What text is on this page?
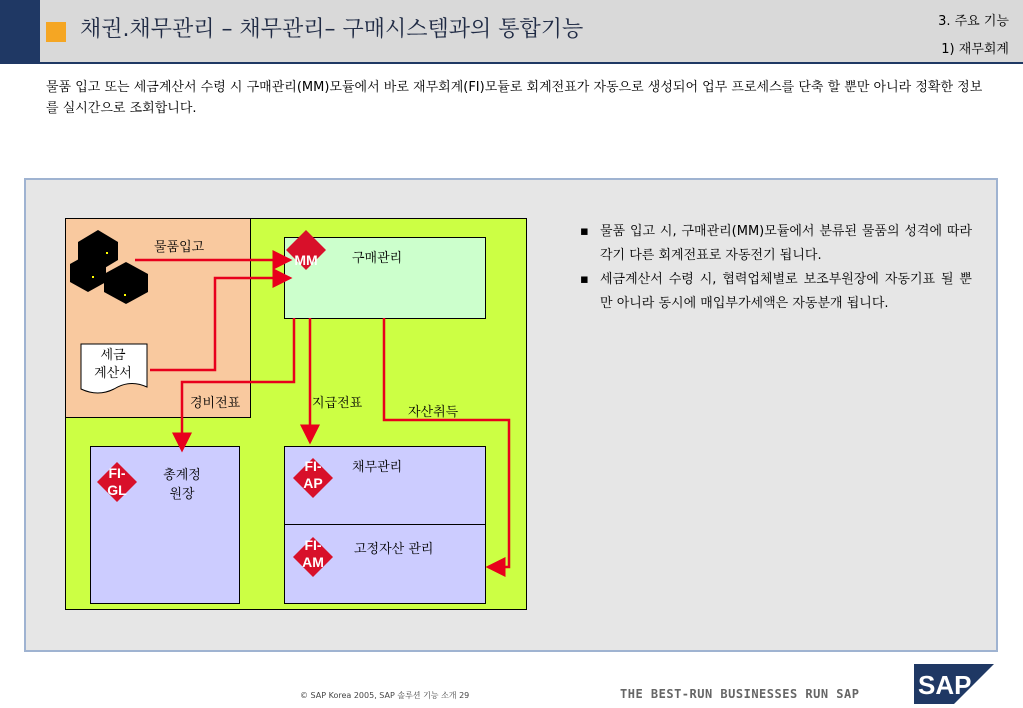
채권.채무관리 – 채무관리– 구매시스템과의 통합기능	3. 주요 기능
1) 재무회계
물품 입고 또는 세금계산서 수령 시 구매관리(MM)모듈에서 바로 재무회계(FI)모듈로 회계전표가 자동으로 생성되어 업무 프로세스를 단축 할 뿐만 아니라 정확한 정보를 실시간으로 조회합니다.
세금
계산서
물품입고
경비전표	지급전표
자산취득
MM	구매관리
FI-
GL
총계정
원장
FI-
AP
채무관리
FI-
AM
고정자산 관리
▪ 물품 입고 시, 구매관리(MM)모듈에서 분류된 물품의 성격에 따라 각기 다른 회계전표로 자동전기 됩니다.
▪ 세금계산서 수령 시, 협력업체별로 보조부원장에 자동기표 될 뿐만 아니라 동시에 매입부가세액은 자동분개 됩니다.
© SAP Korea 2005, SAP 솔루션 기능 소개 29	THE BEST-RUN BUSINESSES RUN SAP SAP
